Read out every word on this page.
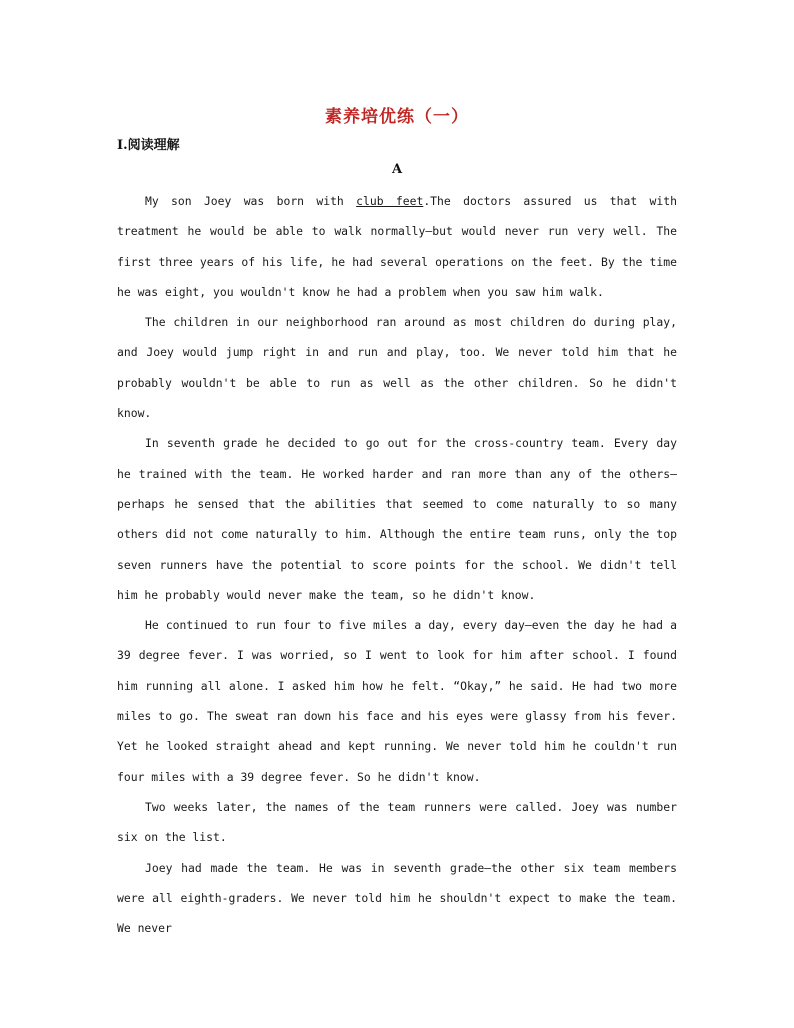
素养培优练（一）
Ⅰ.阅读理解
A

My son Joey was born with club feet.The doctors assured us that with treatment he would be able to walk normally—but would never run very well. The first three years of his life, he had several operations on the feet. By the time he was eight, you wouldn't know he had a problem when you saw him walk.

The children in our neighborhood ran around as most children do during play, and Joey would jump right in and run and play, too. We never told him that he probably wouldn't be able to run as well as the other children. So he didn't know.

In seventh grade he decided to go out for the cross-country team. Every day he trained with the team. He worked harder and ran more than any of the others—perhaps he sensed that the abilities that seemed to come naturally to so many others did not come naturally to him. Although the entire team runs, only the top seven runners have the potential to score points for the school. We didn't tell him he probably would never make the team, so he didn't know.

He continued to run four to five miles a day, every day—even the day he had a 39 degree fever. I was worried, so I went to look for him after school. I found him running all alone. I asked him how he felt. “Okay,” he said. He had two more miles to go. The sweat ran down his face and his eyes were glassy from his fever. Yet he looked straight ahead and kept running. We never told him he couldn't run four miles with a 39 degree fever. So he didn't know.

Two weeks later, the names of the team runners were called. Joey was number six on the list.

Joey had made the team. He was in seventh grade—the other six team members were all eighth-graders. We never told him he shouldn't expect to make the team. We never
